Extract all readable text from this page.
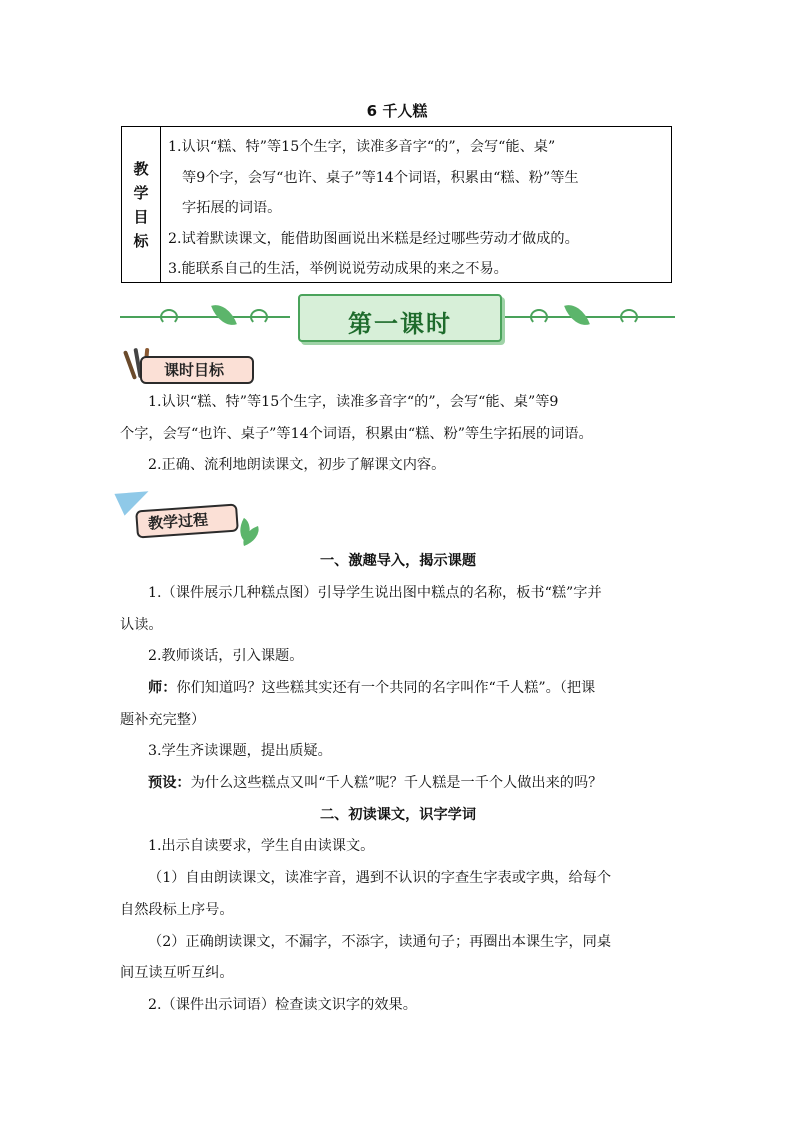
6 千人糕
教
学
目
标

1.认识“糕、特”等15个生字，读准多音字“的”，会写“能、桌”

等9个字，会写“也许、桌子”等14个词语，积累由“糕、粉”等生

字拓展的词语。

2.试着默读课文，能借助图画说出米糕是经过哪些劳动才做成的。

3.能联系自己的生活，举例说说劳动成果的来之不易。

第一课时
课时目标
教学过程

1.认识“糕、特”等15个生字，读准多音字“的”，会写“能、桌”等9

个字，会写“也许、桌子”等14个词语，积累由“糕、粉”等生字拓展的词语。

2.正确、流利地朗读课文，初步了解课文内容。

一、激趣导入，揭示课题

1.（课件展示几种糕点图）引导学生说出图中糕点的名称，板书“糕”字并

认读。

2.教师谈话，引入课题。

师：你们知道吗？这些糕其实还有一个共同的名字叫作“千人糕”。（把课

题补充完整）

3.学生齐读课题，提出质疑。

预设：为什么这些糕点又叫“千人糕”呢？千人糕是一千个人做出来的吗？

二、初读课文，识字学词

1.出示自读要求，学生自由读课文。

（1）自由朗读课文，读准字音，遇到不认识的字查生字表或字典，给每个

自然段标上序号。

（2）正确朗读课文，不漏字，不添字，读通句子；再圈出本课生字，同桌

间互读互听互纠。

2.（课件出示词语）检查读文识字的效果。
